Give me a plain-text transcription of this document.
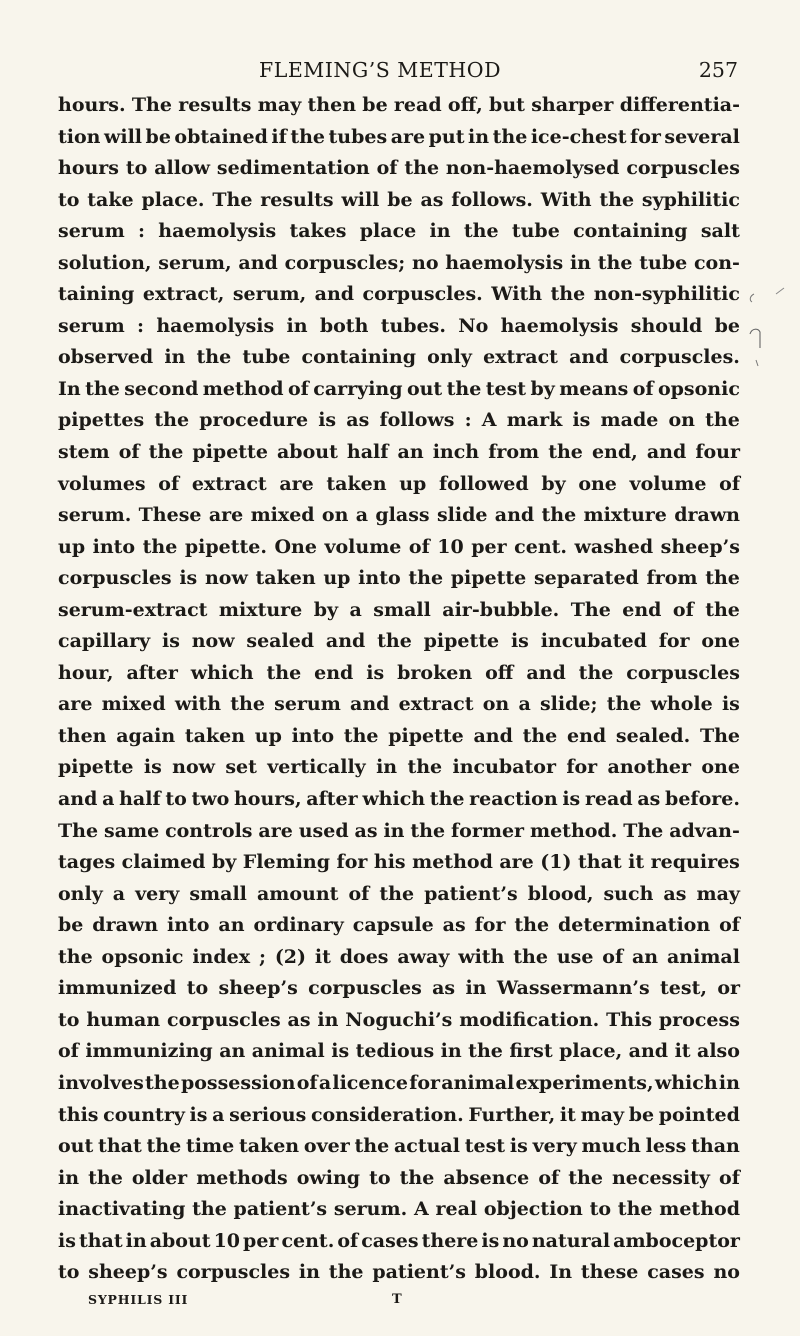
FLEMING’S METHOD	257
hours. The results may then be read off, but sharper differentia-
tion will be obtained if the tubes are put in the ice-chest for several
hours to allow sedimentation of the non-haemolysed corpuscles
to take place. The results will be as follows. With the syphilitic
serum : haemolysis takes place in the tube containing salt
solution, serum, and corpuscles; no haemolysis in the tube con-
taining extract, serum, and corpuscles. With the non-syphilitic
serum : haemolysis in both tubes. No haemolysis should be
observed in the tube containing only extract and corpuscles.
In the second method of carrying out the test by means of opsonic
pipettes the procedure is as follows : A mark is made on the
stem of the pipette about half an inch from the end, and four
volumes of extract are taken up followed by one volume of
serum. These are mixed on a glass slide and the mixture drawn
up into the pipette. One volume of 10 per cent. washed sheep’s
corpuscles is now taken up into the pipette separated from the
serum-extract mixture by a small air-bubble. The end of the
capillary is now sealed and the pipette is incubated for one
hour, after which the end is broken off and the corpuscles
are mixed with the serum and extract on a slide; the whole is
then again taken up into the pipette and the end sealed. The
pipette is now set vertically in the incubator for another one
and a half to two hours, after which the reaction is read as before.
The same controls are used as in the former method. The advan-
tages claimed by Fleming for his method are (1) that it requires
only a very small amount of the patient’s blood, such as may
be drawn into an ordinary capsule as for the determination of
the opsonic index ; (2) it does away with the use of an animal
immunized to sheep’s corpuscles as in Wassermann’s test, or
to human corpuscles as in Noguchi’s modification. This process
of immunizing an animal is tedious in the first place, and it also
involves the possession of a licence for animal experiments, which in
this country is a serious consideration. Further, it may be pointed
out that the time taken over the actual test is very much less than
in the older methods owing to the absence of the necessity of
inactivating the patient’s serum. A real objection to the method
is that in about 10 per cent. of cases there is no natural amboceptor
to sheep’s corpuscles in the patient’s blood. In these cases no
SYPHILIS III	T
